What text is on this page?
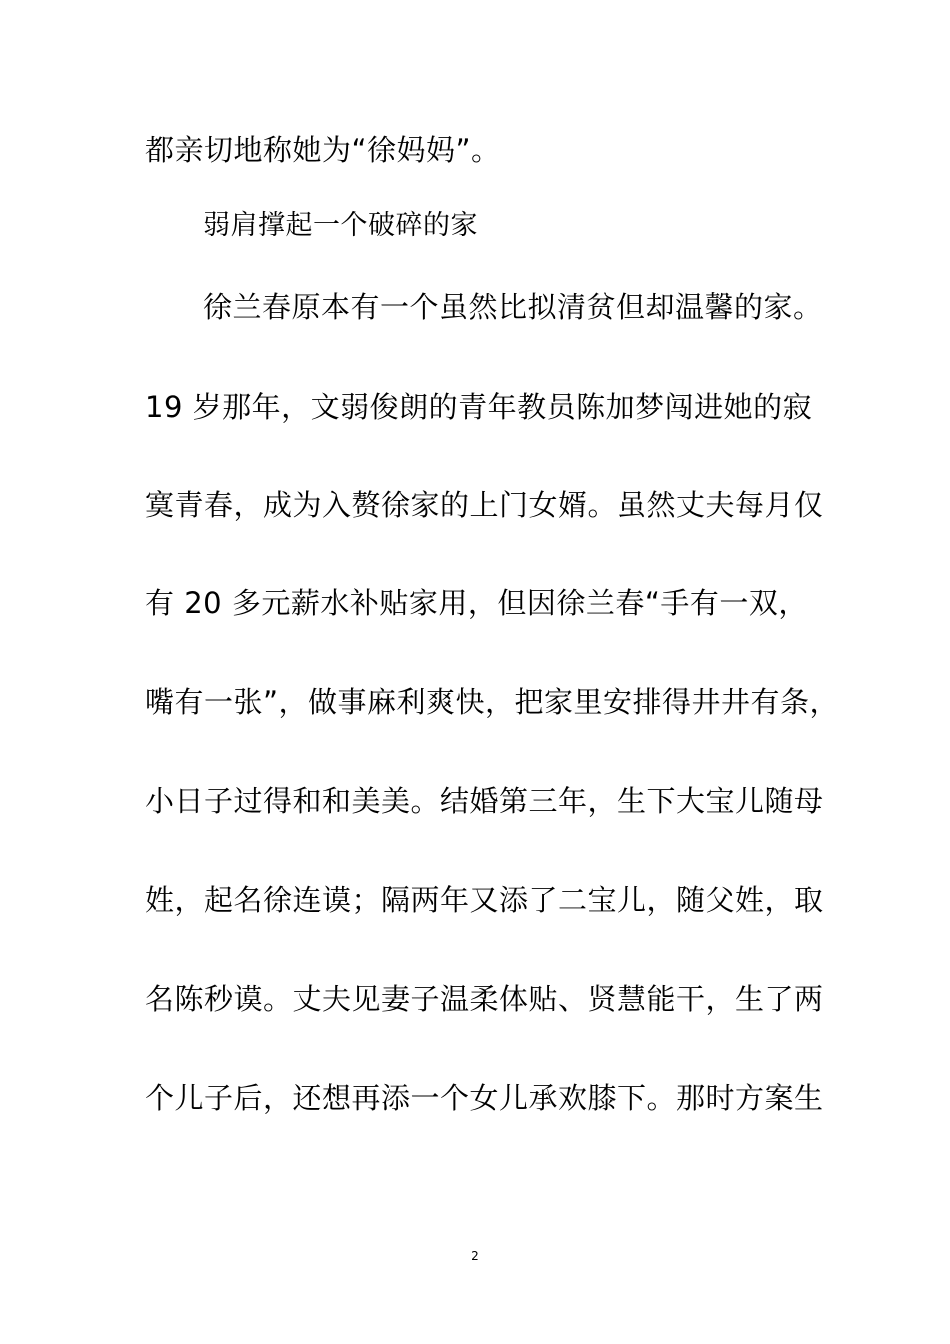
都亲切地称她为“徐妈妈”。
弱肩撑起一个破碎的家
徐兰春原本有一个虽然比拟清贫但却温馨的家。
19 岁那年，文弱俊朗的青年教员陈加梦闯进她的寂
寞青春，成为入赘徐家的上门女婿。虽然丈夫每月仅
有 20 多元薪水补贴家用，但因徐兰春“手有一双，
嘴有一张”，做事麻利爽快，把家里安排得井井有条，
小日子过得和和美美。结婚第三年，生下大宝儿随母
姓，起名徐连谟；隔两年又添了二宝儿，随父姓，取
名陈秒谟。丈夫见妻子温柔体贴、贤慧能干，生了两
个儿子后，还想再添一个女儿承欢膝下。那时方案生
2
